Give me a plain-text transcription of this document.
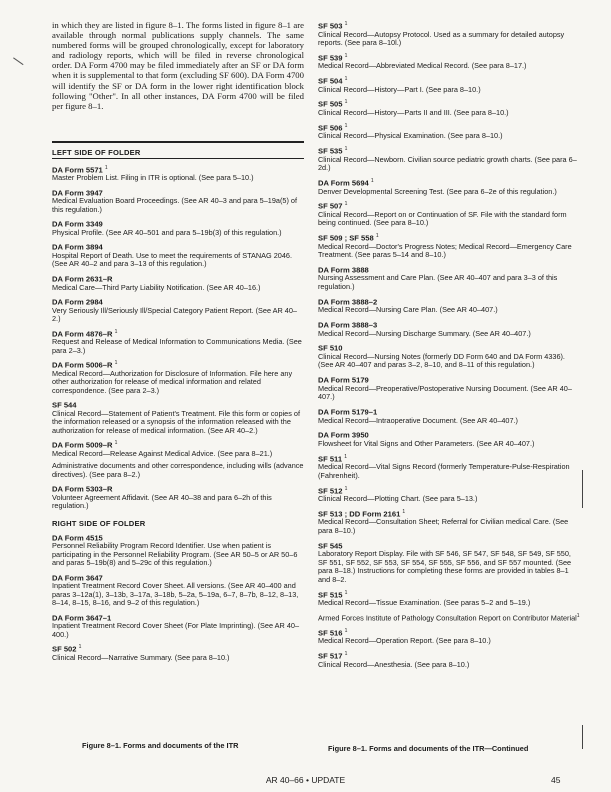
in which they are listed in figure 8–1. The forms listed in figure 8–1 are available through normal publications supply channels. The same numbered forms will be grouped chronologically, except for laboratory and radiology reports, which will be filed in reverse chronological order. DA Form 4700 may be filed immediately after an SF or DA form when it is supplemental to that form (excluding SF 600). DA Form 4700 will identify the SF or DA form in the lower right identification block following "Other". In all other instances, DA Form 4700 will be filed per figure 8–1.

LEFT SIDE OF FOLDER
DA Form 5571 $^1$
Master Problem List. Filing in ITR is optional. (See para 5–10.)
DA Form 3947
Medical Evaluation Board Proceedings. (See AR 40–3 and para 5–19a(5) of this regulation.)
DA Form 3349
Physical Profile. (See AR 40–501 and para 5–19b(3) of this regulation.)
DA Form 3894
Hospital Report of Death. Use to meet the requirements of STANAG 2046. (See AR 40–2 and para 3–13 of this regulation.)
DA Form 2631–R
Medical Care—Third Party Liability Notification. (See AR 40–16.)
DA Form 2984
Very Seriously Ill/Seriously Ill/Special Category Patient Report. (See AR 40–2.)
DA Form 4876–R $^1$
Request and Release of Medical Information to Communications Media. (See para 2–3.)
DA Form 5006–R $^1$
Medical Record—Authorization for Disclosure of Information. File here any other authorization for release of medical information and related correspondence. (See para 2–3.)
SF 544
Clinical Record—Statement of Patient's Treatment. File this form or copies of the information released or a synopsis of the information released with the authorization for release of medical information. (See AR 40–2.)
DA Form 5009–R $^1$
Medical Record—Release Against Medical Advice. (See para 8–21.)
Administrative documents and other correspondence, including wills (advance directives). (See para 8–2.)
DA Form 5303–R
Volunteer Agreement Affidavit. (See AR 40–38 and para 6–2h of this regulation.)
RIGHT SIDE OF FOLDER
DA Form 4515
Personnel Reliability Program Record Identifier. Use when patient is participating in the Personnel Reliability Program. (See AR 50–5 or AR 50–6 and paras 5–19b(8) and 5–29c of this regulation.)
DA Form 3647
Inpatient Treatment Record Cover Sheet. All versions. (See AR 40–400 and paras 3–12a(1), 3–13b, 3–17a, 3–18b, 5–2a, 5–19a, 6–7, 8–7b, 8–12, 8–13, 8–14, 8–15, 8–16, and 9–2 of this regulation.)
DA Form 3647–1
Inpatient Treatment Record Cover Sheet (For Plate Imprinting). (See AR 40–400.)
SF 502 $^1$
Clinical Record—Narrative Summary. (See para 8–10.)
SF 503 $^1$
Clinical Record—Autopsy Protocol. Used as a summary for detailed autopsy reports. (See para 8–10l.)
SF 539 $^1$
Medical Record—Abbreviated Medical Record. (See para 8–17.)
SF 504 $^1$
Clinical Record—History—Part I. (See para 8–10.)
SF 505 $^1$
Clinical Record—History—Parts II and III. (See para 8–10.)
SF 506 $^1$
Clinical Record—Physical Examination. (See para 8–10.)
SF 535 $^1$
Clinical Record—Newborn. Civilian source pediatric growth charts. (See para 6–2d.)
DA Form 5694 $^1$
Denver Developmental Screening Test. (See para 6–2e of this regulation.)
SF 507 $^1$
Clinical Record—Report on or Continuation of SF. File with the standard form being continued. (See para 8–10.)
SF 509 ; SF 558 $^1$
Medical Record—Doctor's Progress Notes; Medical Record—Emergency Care Treatment. (See paras 5–14 and 8–10.)
DA Form 3888
Nursing Assessment and Care Plan. (See AR 40–407 and para 3–3 of this regulation.)
DA Form 3888–2
Medical Record—Nursing Care Plan. (See AR 40–407.)
DA Form 3888–3
Medical Record—Nursing Discharge Summary. (See AR 40–407.)
SF 510
Clinical Record—Nursing Notes (formerly DD Form 640 and DA Form 4336). (See AR 40–407 and paras 3–2, 8–10, and 8–11 of this regulation.)
DA Form 5179
Medical Record—Preoperative/Postoperative Nursing Document. (See AR 40–407.)
DA Form 5179–1
Medical Record—Intraoperative Document. (See AR 40–407.)
DA Form 3950
Flowsheet for Vital Signs and Other Parameters. (See AR 40–407.)
SF 511 $^1$
Medical Record—Vital Signs Record (formerly Temperature-Pulse-Respiration (Fahrenheit).
SF 512 $^1$
Clinical Record—Plotting Chart. (See para 5–13.)
SF 513 ; DD Form 2161 $^1$
Medical Record—Consultation Sheet; Referral for Civilian medical Care. (See para 8–10.)
SF 545
Laboratory Report Display. File with SF 546, SF 547, SF 548, SF 549, SF 550, SF 551, SF 552, SF 553, SF 554, SF 555, SF 556, and SF 557 mounted. (See para 8–18.) Instructions for completing these forms are provided in tables 8–1 and 8–2.
SF 515 $^1$
Medical Record—Tissue Examination. (See paras 5–2 and 5–19.)
Armed Forces Institute of Pathology Consultation Report on Contributor Material$^1$
SF 516 $^1$
Medical Record—Operation Report. (See para 8–10.)
SF 517 $^1$
Clinical Record—Anesthesia. (See para 8–10.)
Figure 8–1. Forms and documents of the ITR	Figure 8–1. Forms and documents of the ITR—Continued
AR 40–66 • UPDATE	45
